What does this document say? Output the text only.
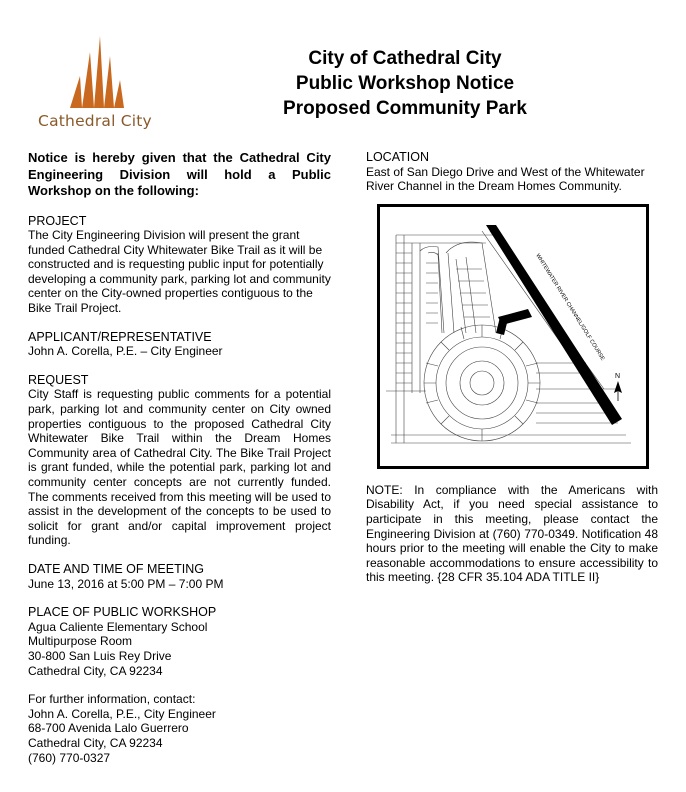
Cathedral City
City of Cathedral City
Public Workshop Notice
Proposed Community Park

Notice is hereby given that the Cathedral City Engineering Division will hold a Public Workshop on the following:

PROJECT

The City Engineering Division will present the grant funded Cathedral City Whitewater Bike Trail as it will be constructed and is requesting public input for potentially developing a community park, parking lot and community center on the City-owned properties contiguous to the Bike Trail Project.

APPLICANT/REPRESENTATIVE

John A. Corella, P.E. – City Engineer

REQUEST

City Staff is requesting public comments for a potential park, parking lot and community center on City owned properties contiguous to the proposed Cathedral City Whitewater Bike Trail within the Dream Homes Community area of Cathedral City. The Bike Trail Project is grant funded, while the potential park, parking lot and community center concepts are not currently funded. The comments received from this meeting will be used to assist in the development of the concepts to be used to solicit for grant and/or capital improvement project funding.

DATE AND TIME OF MEETING

June 13, 2016 at 5:00 PM – 7:00 PM

PLACE OF PUBLIC WORKSHOP

Agua Caliente Elementary School
Multipurpose Room
30-800 San Luis Rey Drive
Cathedral City, CA 92234
For further information, contact:
John A. Corella, P.E., City Engineer
68-700 Avenida Lalo Guerrero
Cathedral City, CA 92234
(760) 770-0327

LOCATION

East of San Diego Drive and West of the Whitewater River Channel in the Dream Homes Community.

WHITEWATER RIVER CHANNEL/GOLF COURSE
N

NOTE: In compliance with the Americans with Disability Act, if you need special assistance to participate in this meeting, please contact the Engineering Division at (760) 770-0349. Notification 48 hours prior to the meeting will enable the City to make reasonable accommodations to ensure accessibility to this meeting. {28 CFR 35.104 ADA TITLE II}
